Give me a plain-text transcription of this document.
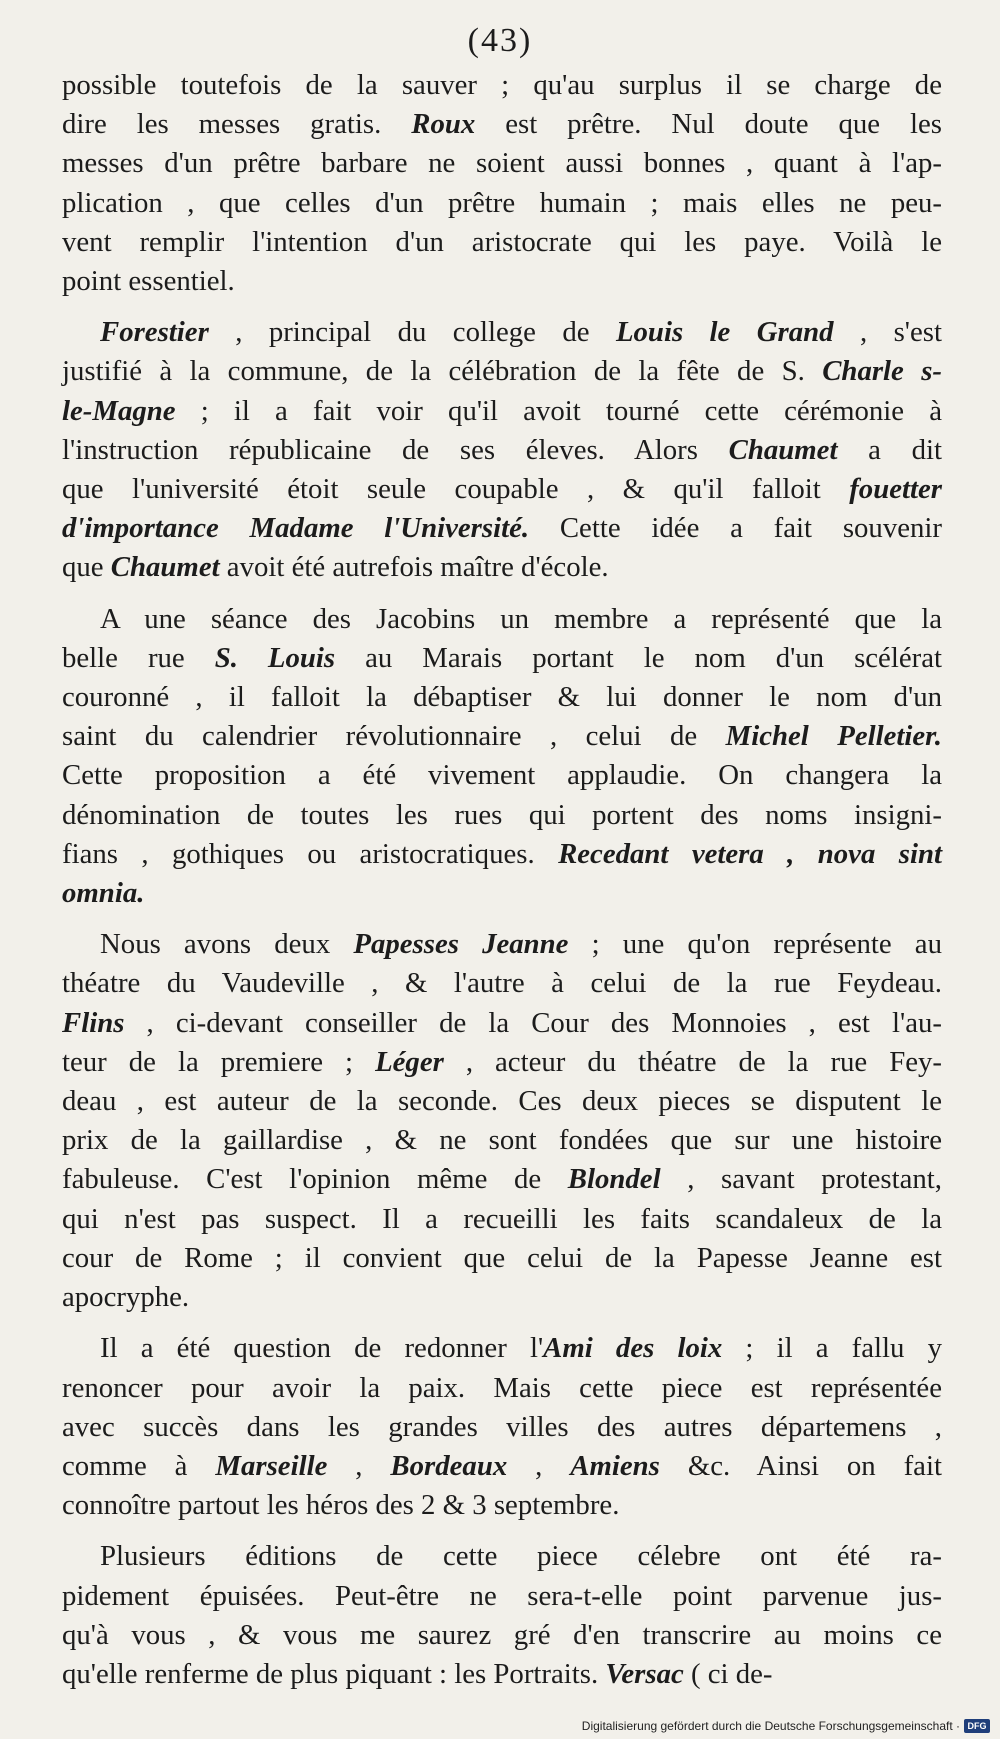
(43)
possible toutefois de la sauver ; qu'au surplus il se charge de
dire les messes gratis. Roux est prêtre. Nul doute que les
messes d'un prêtre barbare ne soient aussi bonnes , quant à l'ap-
plication , que celles d'un prêtre humain ; mais elles ne peu-
vent remplir l'intention d'un aristocrate qui les paye. Voilà le
point essentiel.
Forestier , principal du college de Louis le Grand , s'est
justifié à la commune, de la célébration de la fête de S. Charle s-
le-Magne ; il a fait voir qu'il avoit tourné cette cérémonie à
l'instruction républicaine de ses éleves. Alors Chaumet a dit
que l'université étoit seule coupable , & qu'il falloit fouetter
d'importance Madame l'Université. Cette idée a fait souvenir
que Chaumet avoit été autrefois maître d'école.
A une séance des Jacobins un membre a représenté que la
belle rue S. Louis au Marais portant le nom d'un scélérat
couronné , il falloit la débaptiser & lui donner le nom d'un
saint du calendrier révolutionnaire , celui de Michel Pelletier.
Cette proposition a été vivement applaudie. On changera la
dénomination de toutes les rues qui portent des noms insigni-
fians , gothiques ou aristocratiques. Recedant vetera , nova sint
omnia.
Nous avons deux Papesses Jeanne ; une qu'on représente au
théatre du Vaudeville , & l'autre à celui de la rue Feydeau.
Flins , ci-devant conseiller de la Cour des Monnoies , est l'au-
teur de la premiere ; Léger , acteur du théatre de la rue Fey-
deau , est auteur de la seconde. Ces deux pieces se disputent le
prix de la gaillardise , & ne sont fondées que sur une histoire
fabuleuse. C'est l'opinion même de Blondel , savant protestant,
qui n'est pas suspect. Il a recueilli les faits scandaleux de la
cour de Rome ; il convient que celui de la Papesse Jeanne est
apocryphe.
Il a été question de redonner l'Ami des loix ; il a fallu y
renoncer pour avoir la paix. Mais cette piece est représentée
avec succès dans les grandes villes des autres départemens ,
comme à Marseille , Bordeaux , Amiens &c. Ainsi on fait
connoître partout les héros des 2 & 3 septembre.
Plusieurs éditions de cette piece célebre ont été ra-
pidement épuisées. Peut-être ne sera-t-elle point parvenue jus-
qu'à vous , & vous me saurez gré d'en transcrire au moins ce
qu'elle renferme de plus piquant : les Portraits. Versac ( ci de-
Digitalisierung gefördert durch die Deutsche Forschungsgemeinschaft · DFG
